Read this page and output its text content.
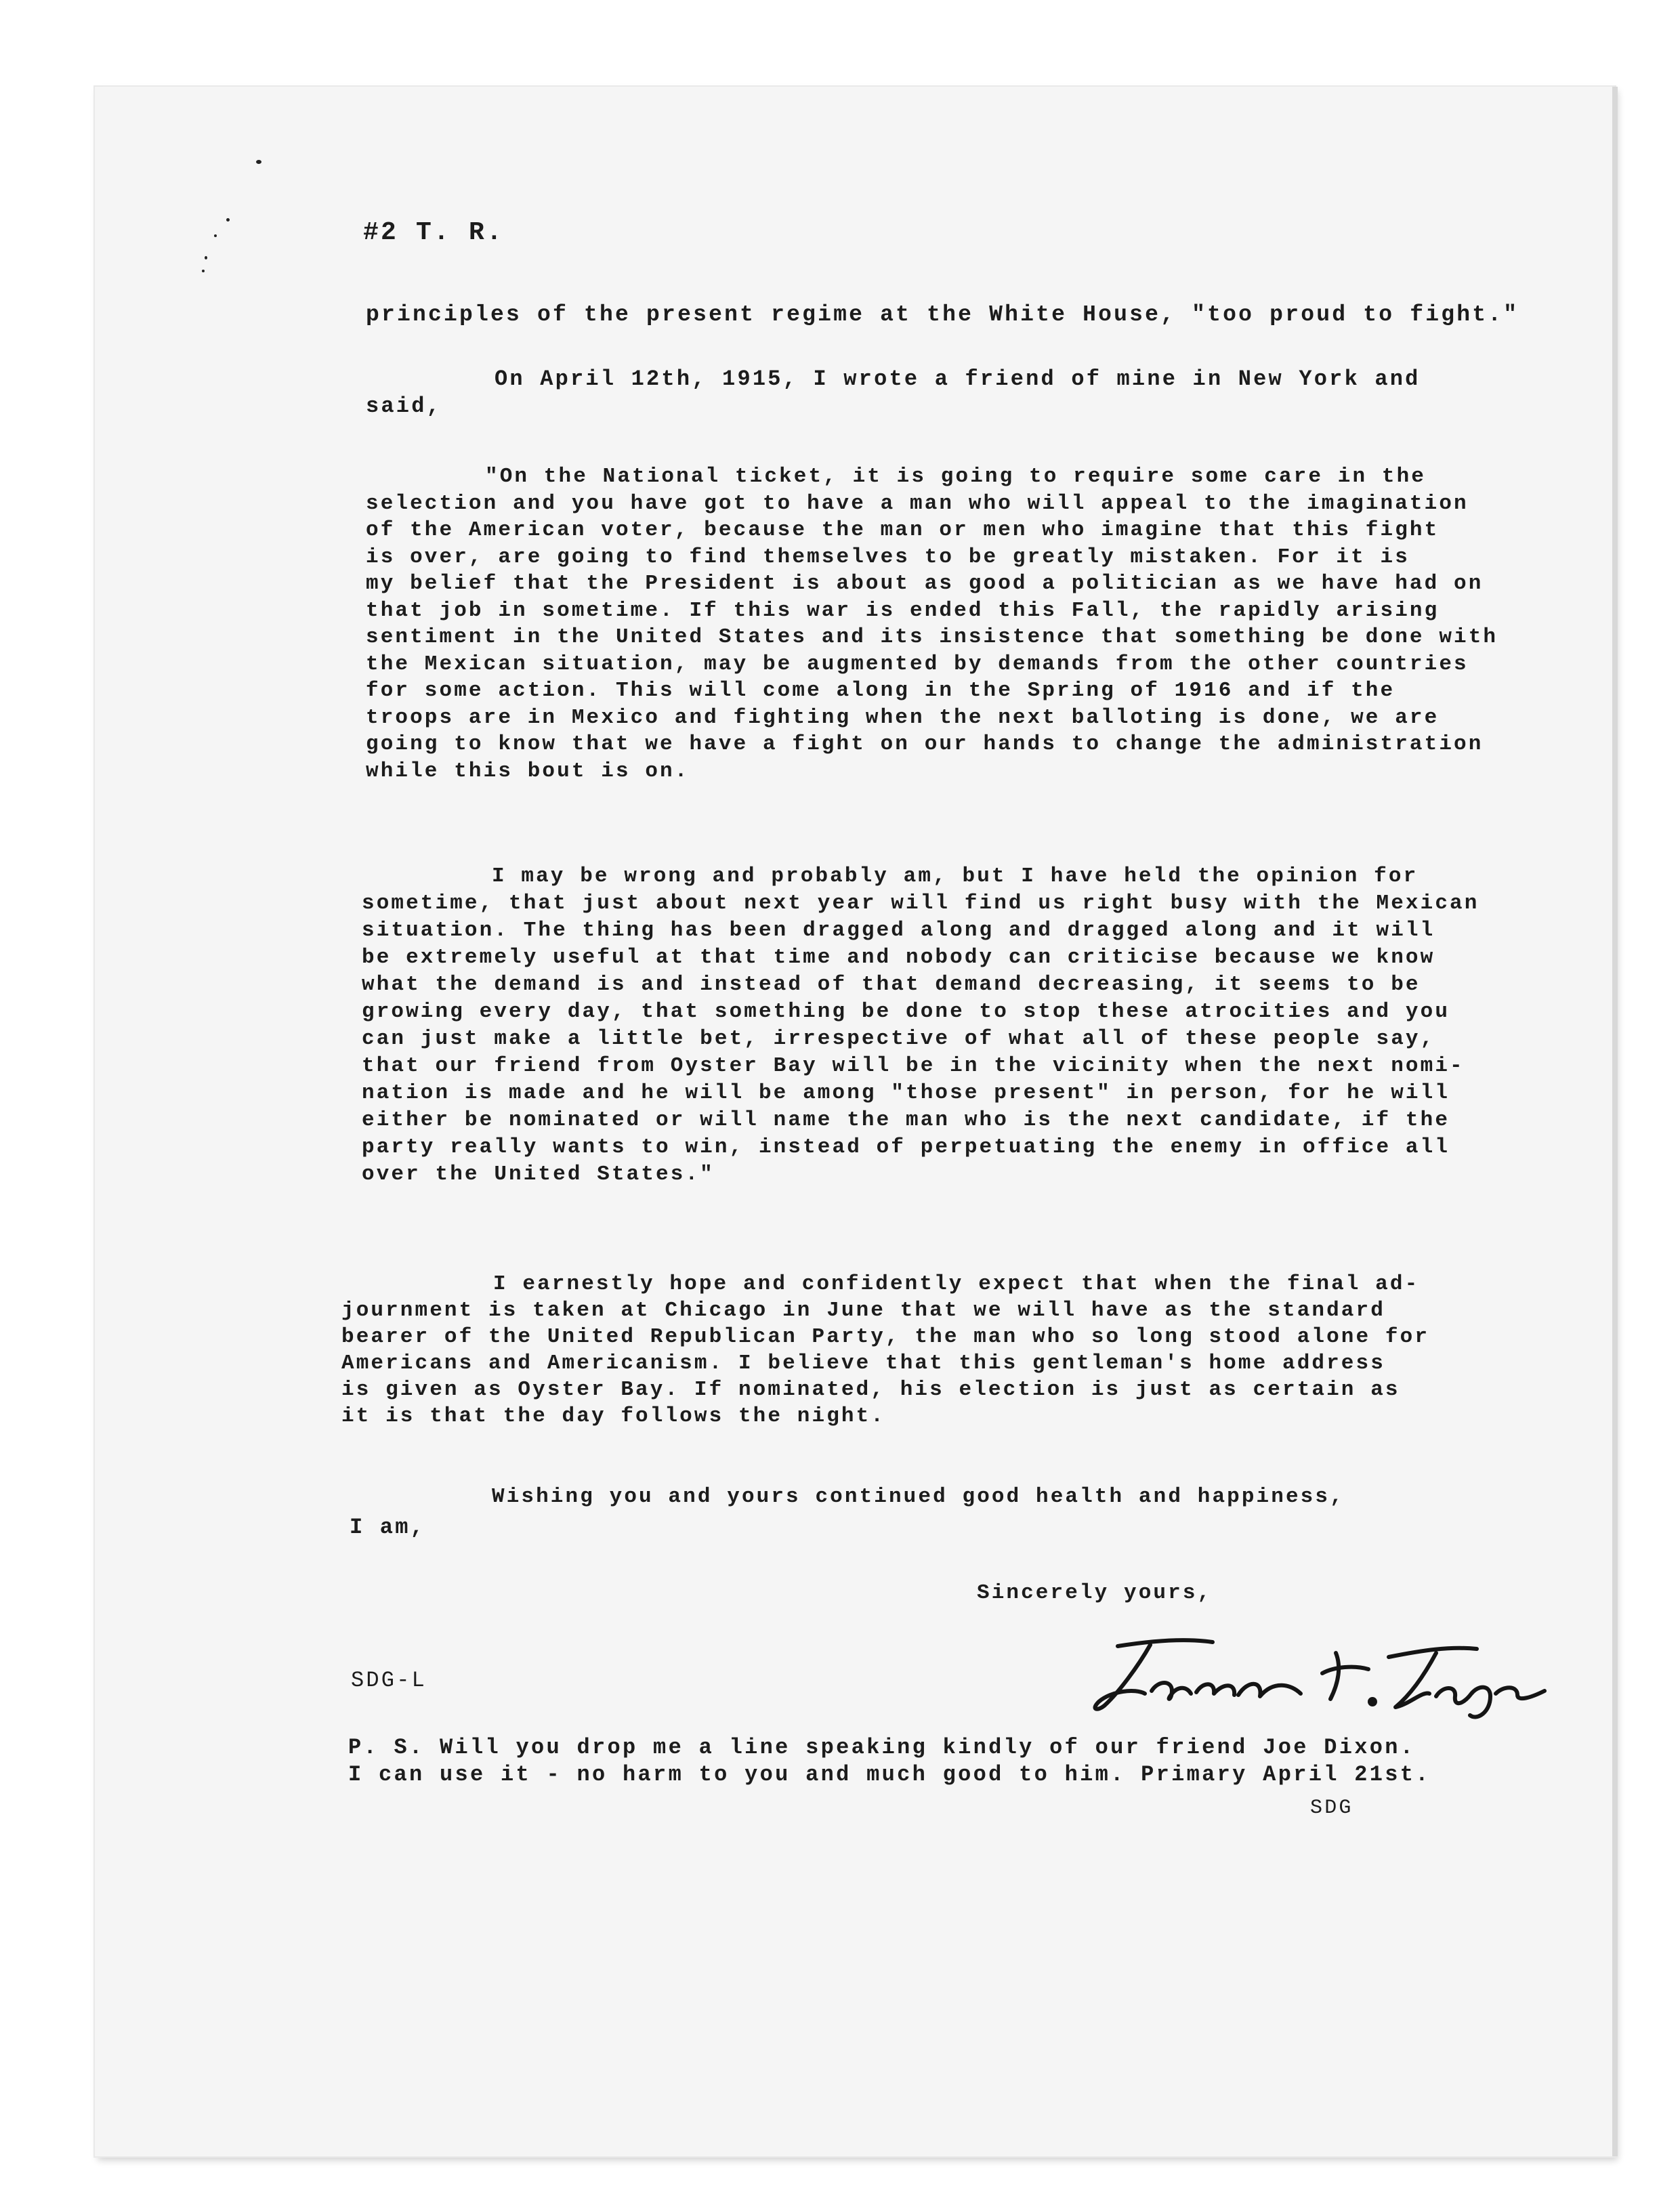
#2 T. R.
principles of the present regime at the White House, "too proud to fight."
On April 12th, 1915, I wrote a friend of mine in New York and
said,
"On the National ticket, it is going to require some care in the
selection and you have got to have a man who will appeal to the imagination
of the American voter, because the man or men who imagine that this fight
is over, are going to find themselves to be greatly mistaken. For it is
my belief that the President is about as good a politician as we have had on
that job in sometime. If this war is ended this Fall, the rapidly arising
sentiment in the United States and its insistence that something be done with
the Mexican situation, may be augmented by demands from the other countries
for some action. This will come along in the Spring of 1916 and if the
troops are in Mexico and fighting when the next balloting is done, we are
going to know that we have a fight on our hands to change the administration
while this bout is on.
I may be wrong and probably am, but I have held the opinion for
sometime, that just about next year will find us right busy with the Mexican
situation. The thing has been dragged along and dragged along and it will
be extremely useful at that time and nobody can criticise because we know
what the demand is and instead of that demand decreasing, it seems to be
growing every day, that something be done to stop these atrocities and you
can just make a little bet, irrespective of what all of these people say,
that our friend from Oyster Bay will be in the vicinity when the next nomi-
nation is made and he will be among "those present" in person, for he will
either be nominated or will name the man who is the next candidate, if the
party really wants to win, instead of perpetuating the enemy in office all
over the United States."
I earnestly hope and confidently expect that when the final ad-
journment is taken at Chicago in June that we will have as the standard
bearer of the United Republican Party, the man who so long stood alone for
Americans and Americanism. I believe that this gentleman's home address
is given as Oyster Bay. If nominated, his election is just as certain as
it is that the day follows the night.
Wishing you and yours continued good health and happiness,
I am,
Sincerely yours,
SDG-L
P. S. Will you drop me a line speaking kindly of our friend Joe Dixon.
I can use it - no harm to you and much good to him. Primary April 21st.
SDG
